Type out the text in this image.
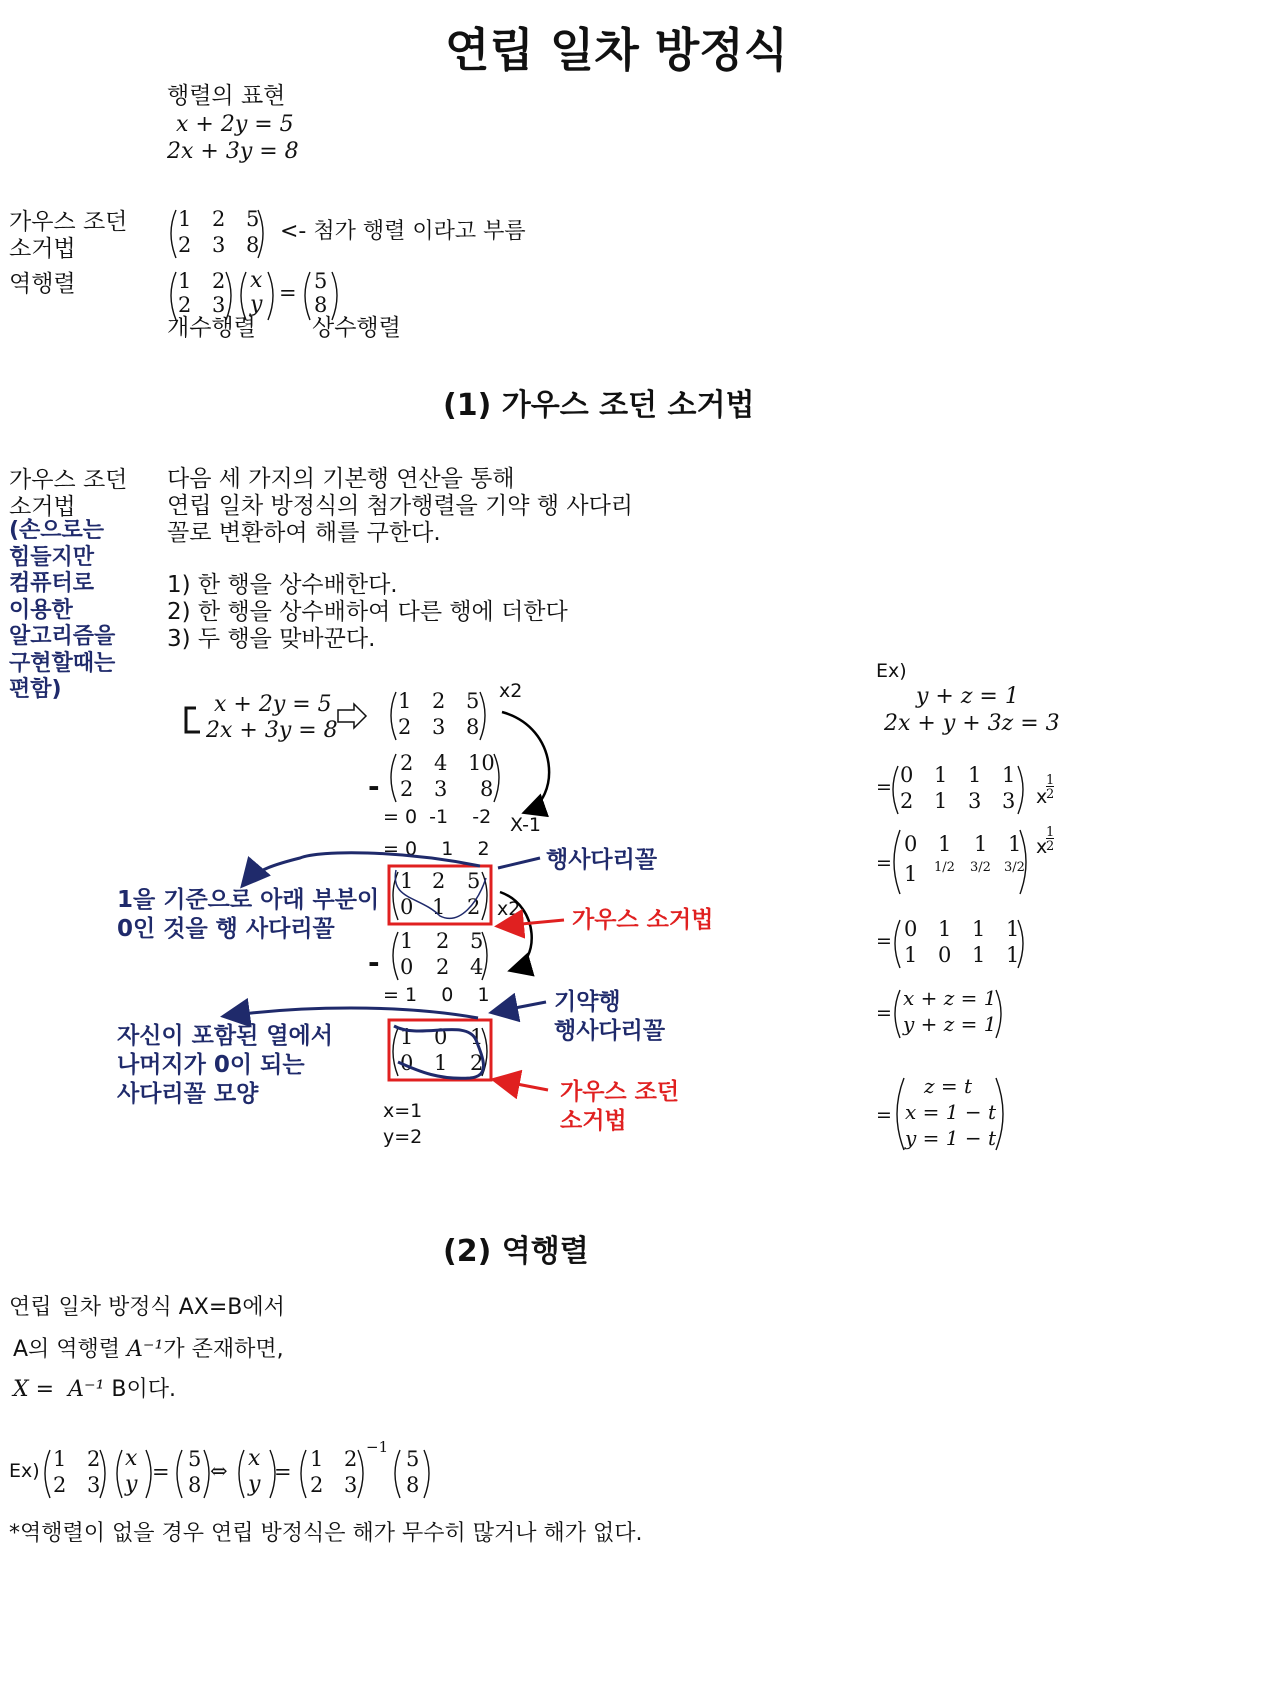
연립 일차 방정식
행렬의 표현
x + 2y = 5
2x + 3y = 8
가우스 조던
소거법
역행렬
1 2 5
2 3 8
<- 첨가 행렬 이라고 부름
1 2
2 3
x
y = 5
8
개수행렬 상수행렬
(1) 가우스 조던 소거법
가우스 조던
소거법
(손으로는
힘들지만
컴퓨터로
이용한
알고리즘을
구현할때는
편함)
다음 세 가지의 기본행 연산을 통해
연립 일차 방정식의 첨가행렬을 기약 행 사다리
꼴로 변환하여 해를 구한다.
1) 한 행을 상수배한다.
2) 한 행을 상수배하여 다른 행에 더한다
3) 두 행을 맞바꾼다.
x + 2y = 5
2x + 3y = 8
1 2 5
2 3 8
x2
2 4 10
2 3 8
-
= 0  -1    -2 X-1
= 0    1    2
1 2 5
0 1 2 x2
1 2 5
0 2 4
-
= 1    0    1
1 0 1
0 1 2
x=1
y=2
행사다리꼴
가우스 소거법
기약행
행사다리꼴
가우스 조던
소거법
1을 기준으로 아래 부분이
0인 것을 행 사다리꼴
자신이 포함된 열에서
나머지가 0이 되는
사다리꼴 모양
Ex)
y + z = 1
2x + y + 3z = 3
= 0 1 1 1
2 1 3 3 x
1
2
=
0 1 1 1
1 1/2 3/2 3/2
x
1
2
= 0 1 1 1
1 0 1 1
=
x + z = 1
y + z = 1
=
z = t
x = 1 − t
y = 1 − t
(2) 역행렬
연립 일차 방정식 AX=B에서
A의 역행렬 A⁻¹가 존재하면,
X =  A⁻¹ B이다.
Ex) 1 2
2 3
x
y =
5
8
⇔ x
y =
1 2
2 3
−1 5
8
*역행렬이 없을 경우 연립 방정식은 해가 무수히 많거나 해가 없다.
